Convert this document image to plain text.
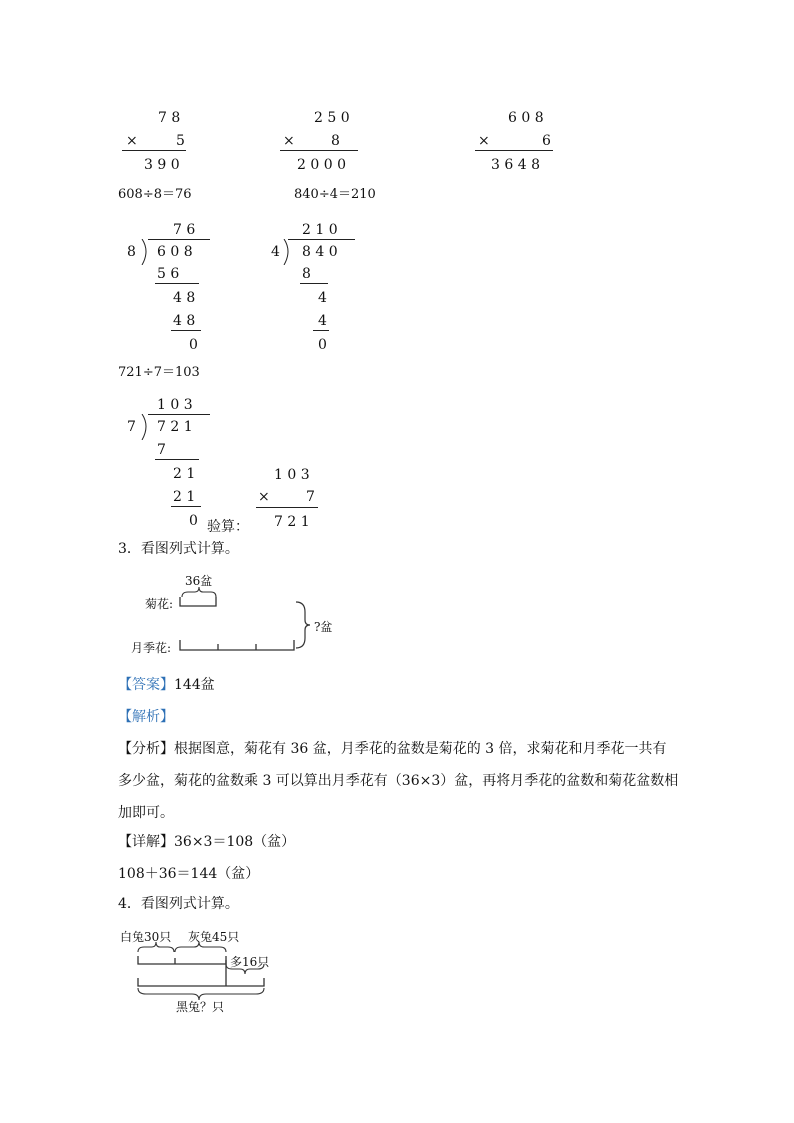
7 8
×	5
3 9 0
2 5 0
×	8
2 0 0 0
6 0 8
×	6
3 6 4 8
608÷8＝76	840÷4＝210
7 6
8 6 0 8
5 6
4 8
4 8
0
2 1 0
4 8 4 0
8
4
4
0
721÷7＝103
1 0 3
7 7 2 1
7
2 1
2 1
0 验算：
1 0 3
×	7
7 2 1
3．看图列式计算。
36盆
菊花:
月季花:
?盆
【答案】144盆
【解析】
【分析】根据图意，菊花有 36 盆，月季花的盆数是菊花的 3 倍，求菊花和月季花一共有多少盆，菊花的盆数乘 3 可以算出月季花有（36×3）盆，再将月季花的盆数和菊花盆数相加即可。
【详解】36×3＝108（盆）
108＋36＝144（盆）
4．看图列式计算。
白兔30只 灰兔45只
多16只
黑兔？只
